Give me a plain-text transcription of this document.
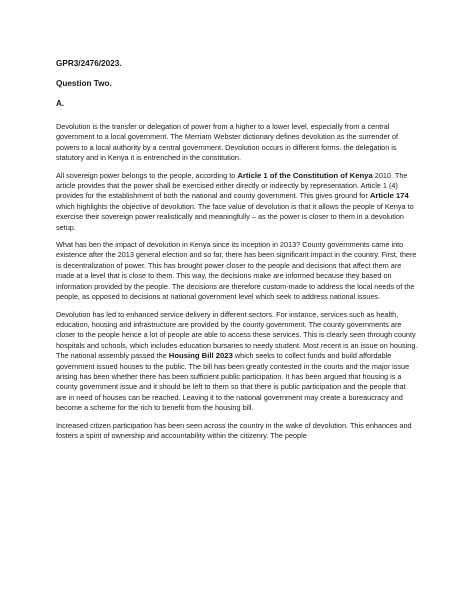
GPR3/2476/2023.

Question Two.

A.

Devolution is the transfer or delegation of power from a higher to a lower level, especially from a central government to a local government. The Merriam Webster dictionary defines devolution as the surrender of powers to a local authority by a central government. Devolution occurs in different forms. the delegation is statutory and in Kenya it is entrenched in the constitution.

All sovereign power belongs to the people, according to Article 1 of the Constitution of Kenya 2010. The article provides that the power shall be exercised either directly or indirectly by representation. Article 1 (4) provides for the establishment of both the national and county government. This gives ground for Article 174 which highlights the objective of devolution. The face value of devolution is that it allows the people of Kenya to exercise their sovereign power realistically and meaningfully – as the power is closer to them in a devolution setup.

What has ben the impact of devolution in Kenya since its inception in 2013? County governments came into existence after the 2013 general election and so far, there has been significant impact in the country. First, there is decentralization of power. This has brought power closer to the people and decisions that affect them are made at a level that is close to them. This way, the decisions make are informed because they based on information provided by the people. The decisions are therefore custom-made to address the local needs of the people, as opposed to decisions at national government level which seek to address national issues.

Devolution has led to enhanced service delivery in different sectors. For instance, services such as health, education, housing and infrastructure are provided by the county government. The county governments are closer to the people hence a lot of people are able to access these services. This is clearly seen through county hospitals and schools, which includes education bursaries to needy student. Most recent is an issue on housing. The national assembly passed the Housing Bill 2023 which seeks to collect funds and build affordable government issued houses to the public. The bill has been greatly contested in the courts and the major issue arising has been whether there has been sufficient public participation. It has been argued that housing is a county government issue and it should be left to them so that there is public participation and the people that are in need of houses can be reached. Leaving it to the national government may create a bureaucracy and become a scheme for the rich to benefit from the housing bill.

Increased citizen participation has been seen across the country in the wake of devolution. This enhances and fosters a spirit of ownership and accountability within the citizenry. The people
